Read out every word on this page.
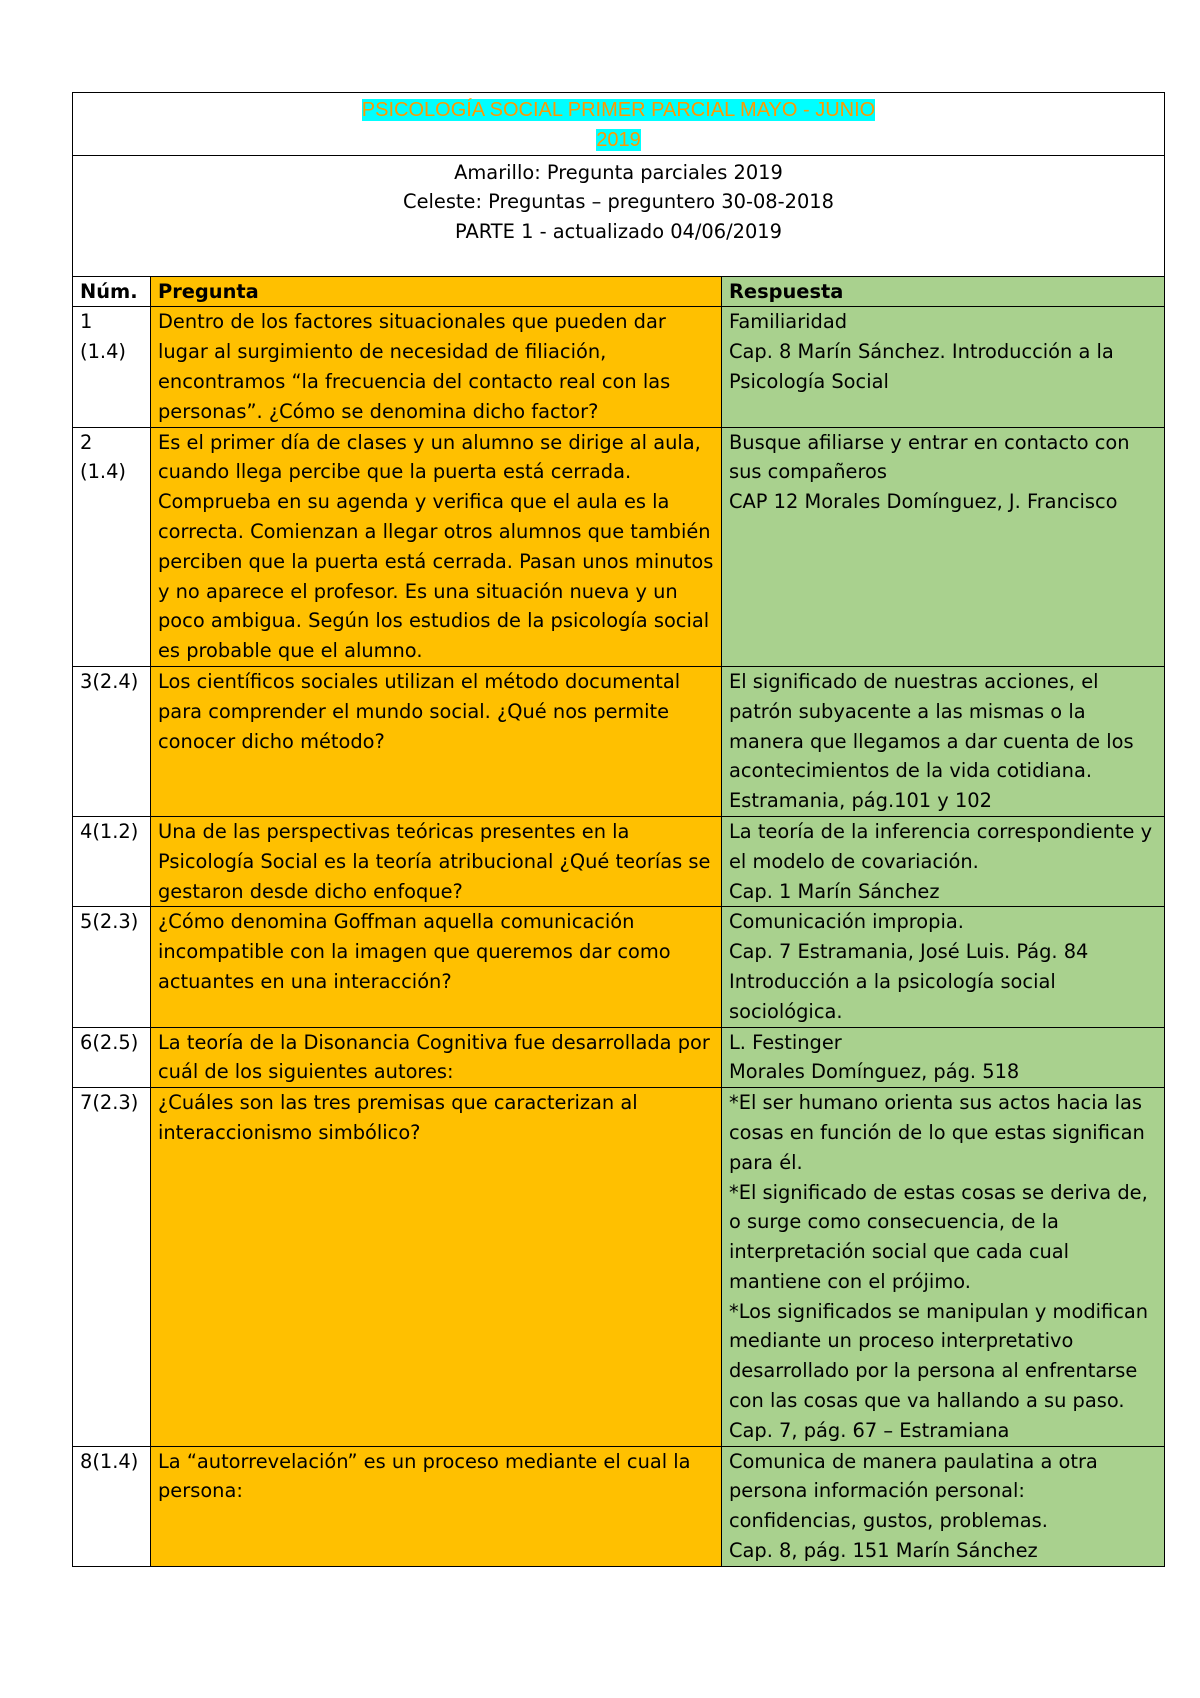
PSICOLOGÍA SOCIAL PRIMER PARCIAL MAYO - JUNIO
2019		

Amarillo: Pregunta parciales 2019
Celeste: Preguntas – preguntero 30-08-2018
PARTE 1 - actualizado 04/06/2019		

Núm.	Pregunta	Respuesta
1 (1.4)	Dentro de los factores situacionales que pueden dar lugar al surgimiento de necesidad de filiación, encontramos “la frecuencia del contacto real con las personas”. ¿Cómo se denomina dicho factor?	Familiaridad
Cap. 8 Marín Sánchez. Introducción a la Psicología Social

2 (1.4)	Es el primer día de clases y un alumno se dirige al aula, cuando llega percibe que la puerta está cerrada. Comprueba en su agenda y verifica que el aula es la correcta. Comienzan a llegar otros alumnos que también perciben que la puerta está cerrada. Pasan unos minutos y no aparece el profesor. Es una situación nueva y un poco ambigua. Según los estudios de la psicología social es probable que el alumno.	Busque afiliarse y entrar en contacto con sus compañeros
CAP 12 Morales Domínguez, J. Francisco

3(2.4)	Los científicos sociales utilizan el método documental para comprender el mundo social. ¿Qué nos permite conocer dicho método?	El significado de nuestras acciones, el patrón subyacente a las mismas o la manera que llegamos a dar cuenta de los acontecimientos de la vida cotidiana.
Estramania, pág.101 y 102

4(1.2)	Una de las perspectivas teóricas presentes en la Psicología Social es la teoría atribucional ¿Qué teorías se gestaron desde dicho enfoque?	La teoría de la inferencia correspondiente y el modelo de covariación.
Cap. 1 Marín Sánchez

5(2.3)	¿Cómo denomina Goffman aquella comunicación incompatible con la imagen que queremos dar como actuantes en una interacción?	Comunicación impropia.
Cap. 7 Estramania, José Luis. Pág. 84 Introducción a la psicología social sociológica.

6(2.5)	La teoría de la Disonancia Cognitiva fue desarrollada por cuál de los siguientes autores:	L. Festinger
Morales Domínguez, pág. 518

7(2.3)	¿Cuáles son las tres premisas que caracterizan al interaccionismo simbólico?	*El ser humano orienta sus actos hacia las cosas en función de lo que estas significan para él.
*El significado de estas cosas se deriva de, o surge como consecuencia, de la interpretación social que cada cual mantiene con el prójimo.
*Los significados se manipulan y modifican mediante un proceso interpretativo desarrollado por la persona al enfrentarse con las cosas que va hallando a su paso.
Cap. 7, pág. 67 – Estramiana

8(1.4)	La “autorrevelación” es un proceso mediante el cual la persona:	Comunica de manera paulatina a otra persona información personal: confidencias, gustos, problemas.
Cap. 8, pág. 151 Marín Sánchez
